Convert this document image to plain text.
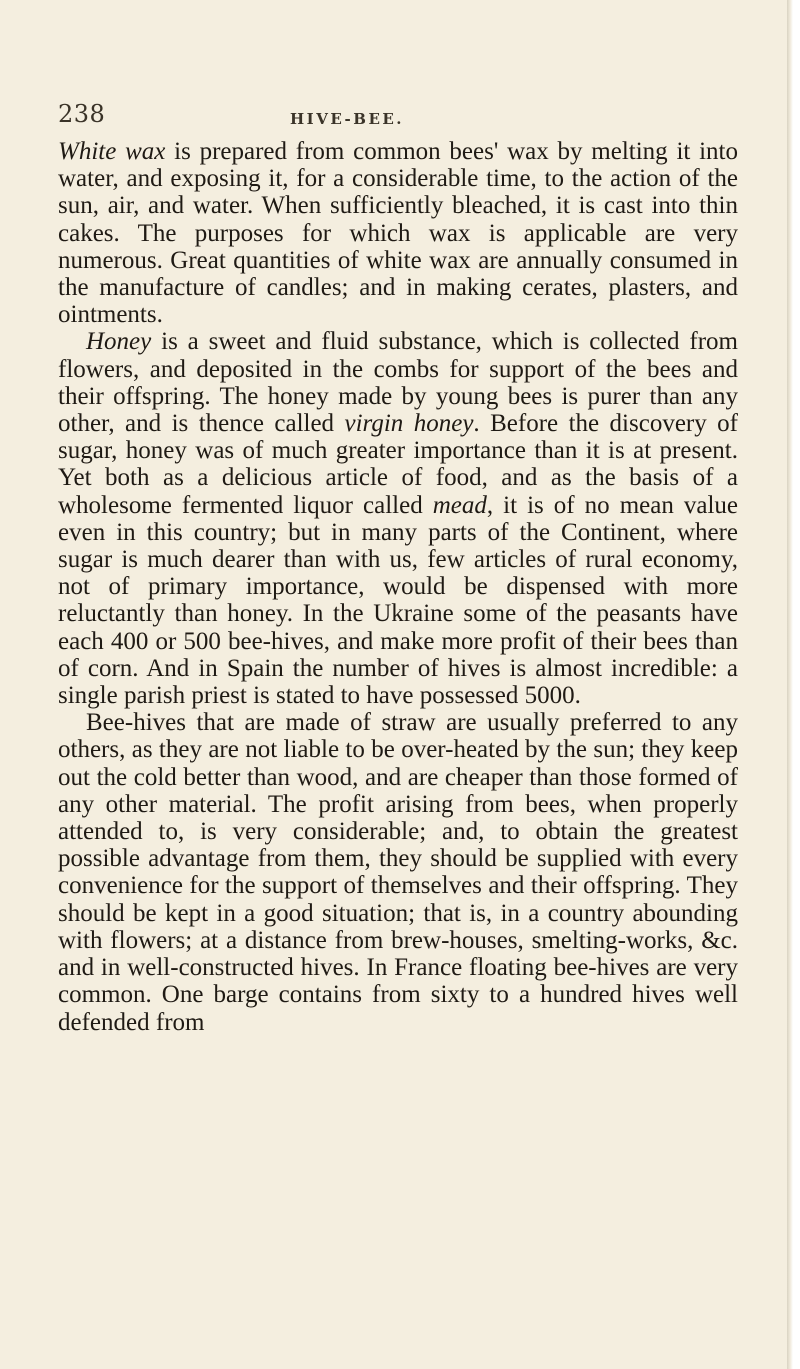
238	HIVE-BEE.

White wax is prepared from common bees' wax by melting it into water, and exposing it, for a considerable time, to the action of the sun, air, and water. When sufficiently bleached, it is cast into thin cakes. The purposes for which wax is applicable are very numerous. Great quantities of white wax are annually consumed in the manufacture of candles; and in making cerates, plasters, and ointments.

Honey is a sweet and fluid substance, which is collected from flowers, and deposited in the combs for support of the bees and their offspring. The honey made by young bees is purer than any other, and is thence called virgin honey. Before the discovery of sugar, honey was of much greater importance than it is at present. Yet both as a delicious article of food, and as the basis of a wholesome fermented liquor called mead, it is of no mean value even in this country; but in many parts of the Continent, where sugar is much dearer than with us, few articles of rural economy, not of primary importance, would be dispensed with more reluctantly than honey. In the Ukraine some of the peasants have each 400 or 500 bee-hives, and make more profit of their bees than of corn. And in Spain the number of hives is almost incredible: a single parish priest is stated to have possessed 5000.

Bee-hives that are made of straw are usually preferred to any others, as they are not liable to be over-heated by the sun; they keep out the cold better than wood, and are cheaper than those formed of any other material. The profit arising from bees, when properly attended to, is very considerable; and, to obtain the greatest possible advantage from them, they should be supplied with every convenience for the support of themselves and their offspring. They should be kept in a good situation; that is, in a country abounding with flowers; at a distance from brew-houses, smelting-works, &c. and in well-constructed hives. In France floating bee-hives are very common. One barge contains from sixty to a hundred hives well defended from
